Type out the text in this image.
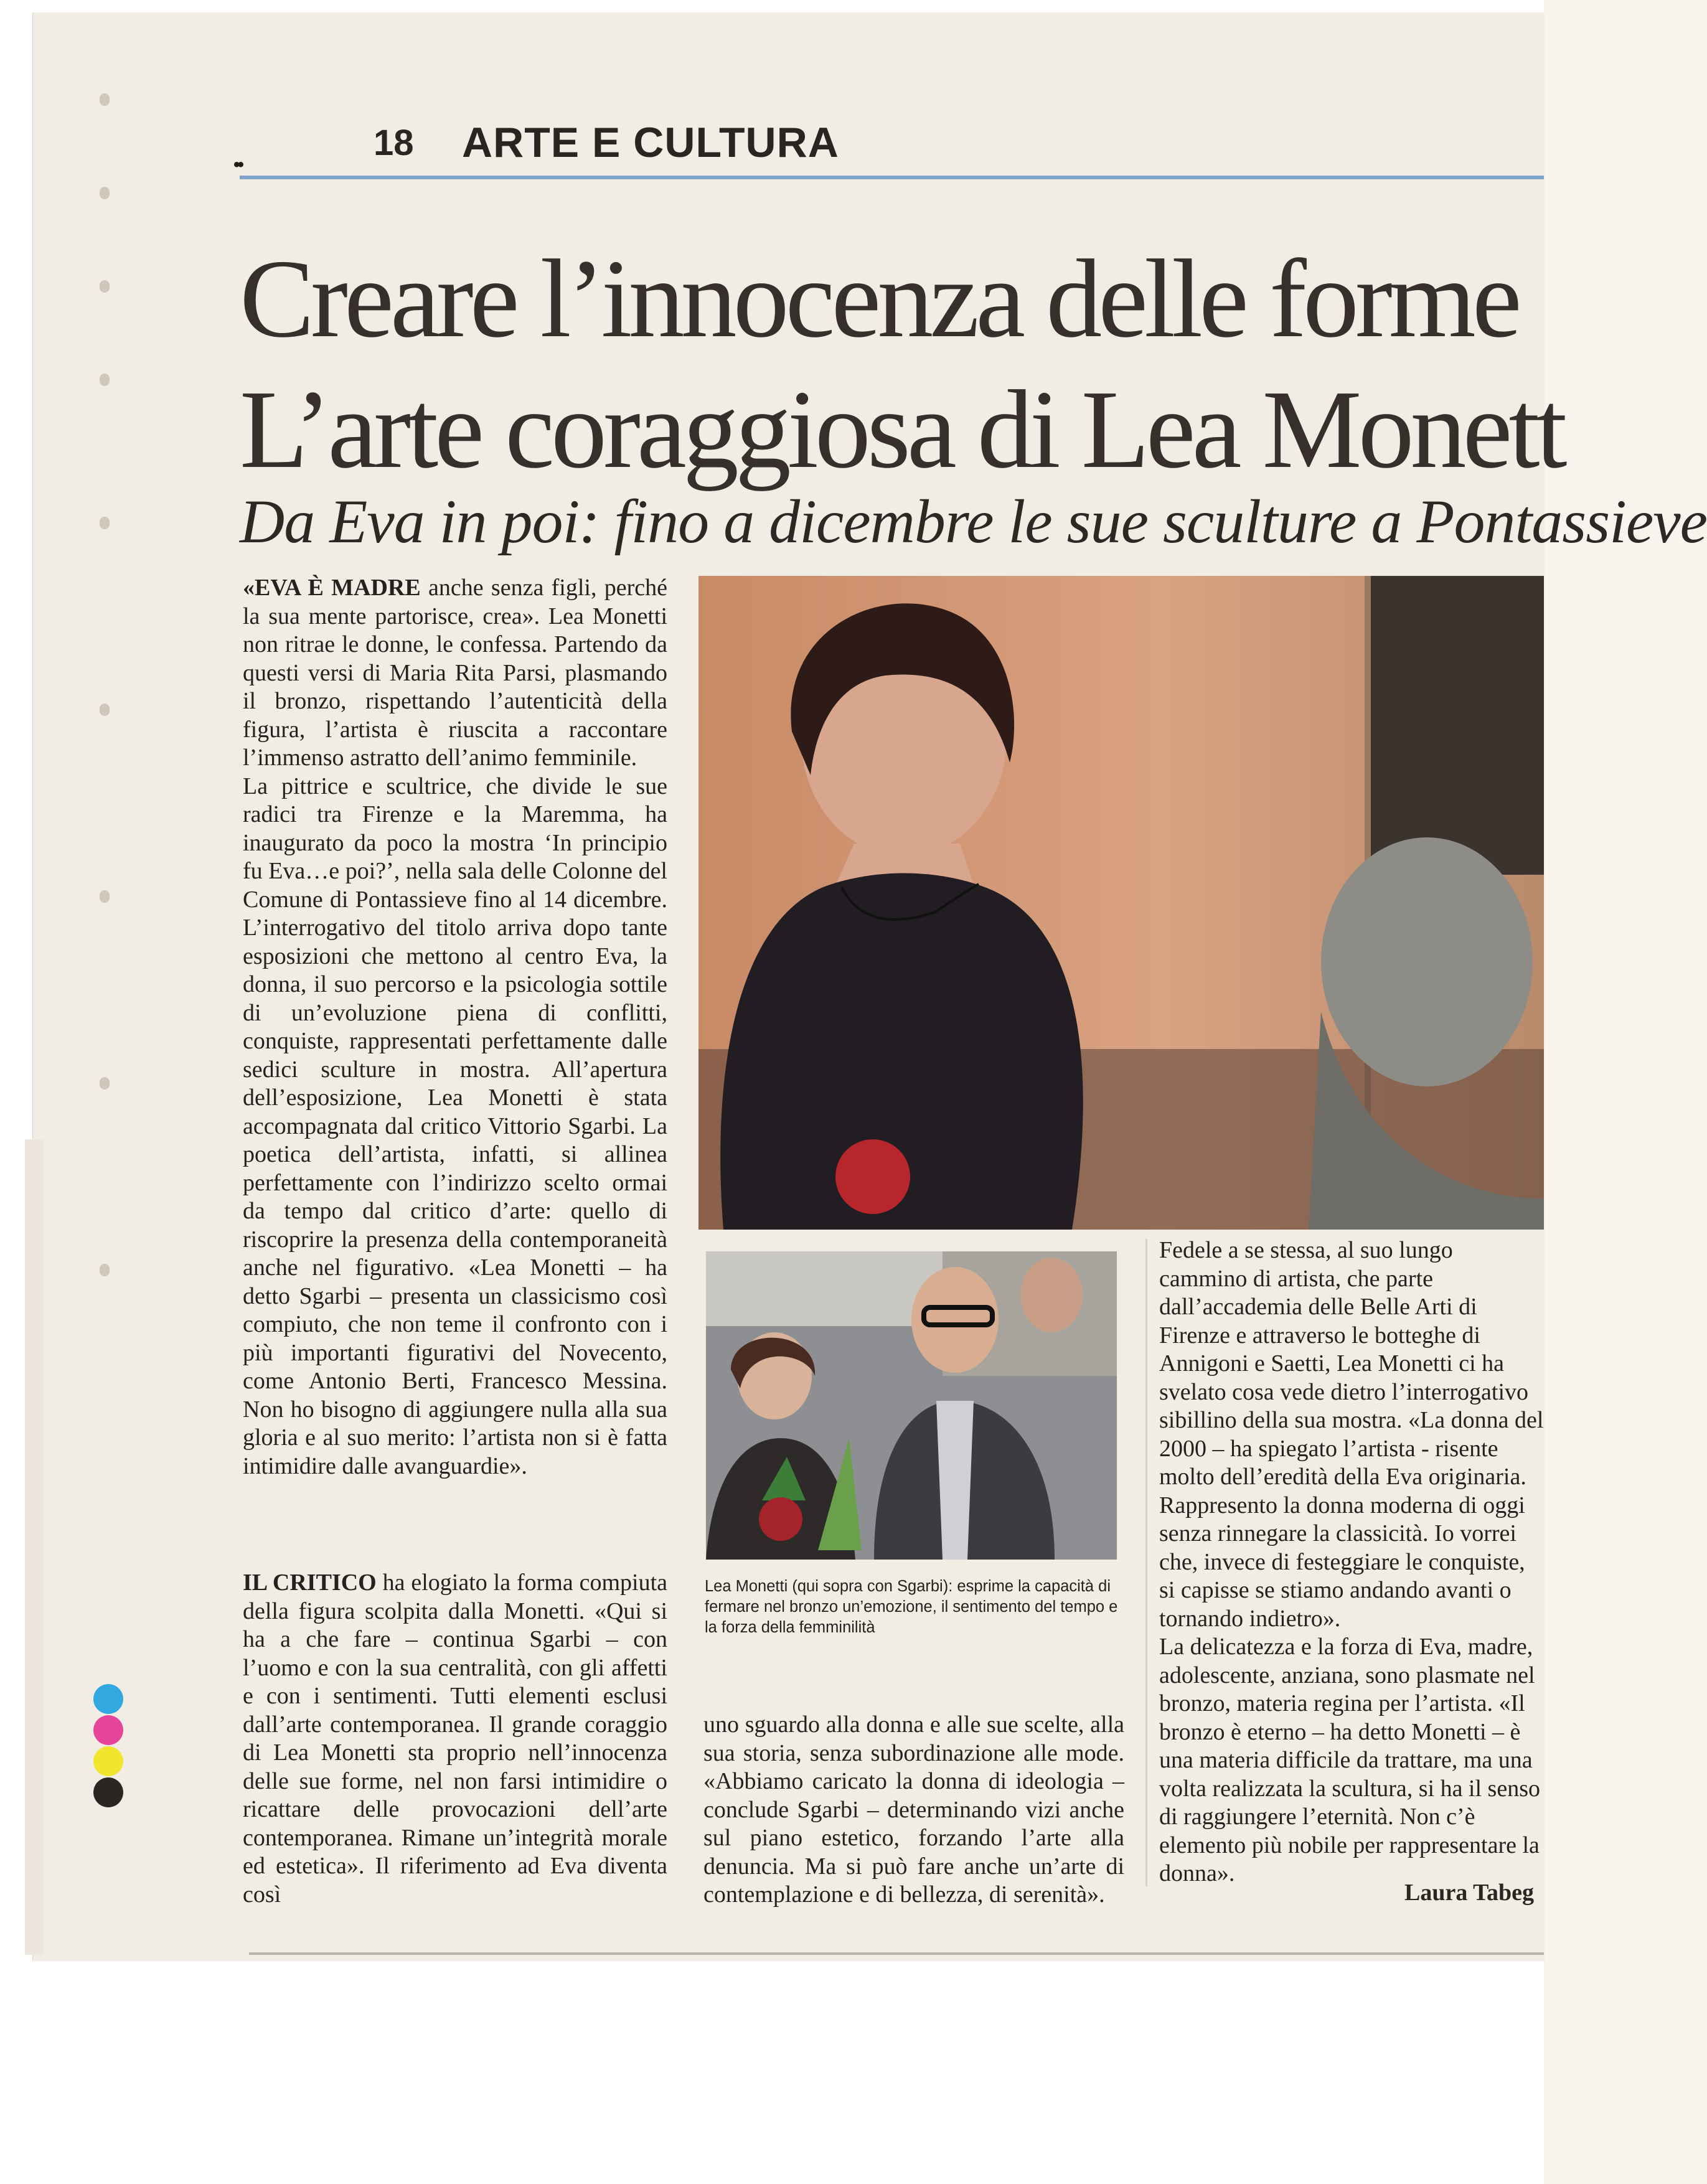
••
18 ARTE E CULTURA
Creare l’innocenza delle forme
L’arte coraggiosa di Lea Monett
Da Eva in poi: fino a dicembre le sue sculture a Pontassieve

«EVA È MADRE anche senza figli, perché la sua mente partorisce, crea». Lea Monetti non ritrae le donne, le confessa. Partendo da questi versi di Maria Rita Parsi, plasmando il bronzo, rispettando l’autenticità della figura, l’artista è riuscita a raccontare l’immenso astratto dell’animo femminile.

La pittrice e scultrice, che divide le sue radici tra Firenze e la Maremma, ha inaugurato da poco la mostra ‘In principio fu Eva…e poi?’, nella sala delle Colonne del Comune di Pontassieve fino al 14 dicembre. L’interrogativo del titolo arriva dopo tante esposizioni che mettono al centro Eva, la donna, il suo percorso e la psicologia sottile di un’evoluzione piena di conflitti, conquiste, rappresentati perfettamente dalle sedici sculture in mostra. All’apertura dell’esposizione, Lea Monetti è stata accompagnata dal critico Vittorio Sgarbi. La poetica dell’artista, infatti, si allinea perfettamente con l’indirizzo scelto ormai da tempo dal critico d’arte: quello di riscoprire la presenza della contemporaneità anche nel figurativo. «Lea Monetti – ha detto Sgarbi – presenta un classicismo così compiuto, che non teme il confronto con i più importanti figurativi del Novecento, come Antonio Berti, Francesco Messina. Non ho bisogno di aggiungere nulla alla sua gloria e al suo merito: l’artista non si è fatta intimidire dalle avanguardie».

IL CRITICO ha elogiato la forma compiuta della figura scolpita dalla Monetti. «Qui si ha a che fare – continua Sgarbi – con l’uomo e con la sua centralità, con gli affetti e con i sentimenti. Tutti elementi esclusi dall’arte contemporanea. Il grande coraggio di Lea Monetti sta proprio nell’innocenza delle sue forme, nel non farsi intimidire o ricattare delle provocazioni dell’arte contemporanea. Rimane un’integrità morale ed estetica». Il riferimento ad Eva diventa così

Lea Monetti (qui sopra con Sgarbi): esprime la capacità di fermare nel bronzo un’emozione, il sentimento del tempo e la forza della femminilità

uno sguardo alla donna e alle sue scelte, alla sua storia, senza subordinazione alle mode. «Abbiamo caricato la donna di ideologia – conclude Sgarbi – determinando vizi anche sul piano estetico, forzando l’arte alla denuncia. Ma si può fare anche un’arte di contemplazione e di bellezza, di serenità».

Fedele a se stessa, al suo lungo cammino di artista, che parte dall’accademia delle Belle Arti di Firenze e attraverso le botteghe di Annigoni e Saetti, Lea Monetti ci ha svelato cosa vede dietro l’interrogativo sibillino della sua mostra. «La donna del 2000 – ha spiegato l’artista - risente molto dell’eredità della Eva originaria. Rappresento la donna moderna di oggi senza rinnegare la classicità. Io vorrei che, invece di festeggiare le conquiste, si capisse se stiamo andando avanti o tornando indietro».

La delicatezza e la forza di Eva, madre, adolescente, anziana, sono plasmate nel bronzo, materia regina per l’artista. «Il bronzo è eterno – ha detto Monetti – è una materia difficile da trattare, ma una volta realizzata la scultura, si ha il senso di raggiungere l’eternità. Non c’è elemento più nobile per rappresentare la donna».

Laura Tabeg
